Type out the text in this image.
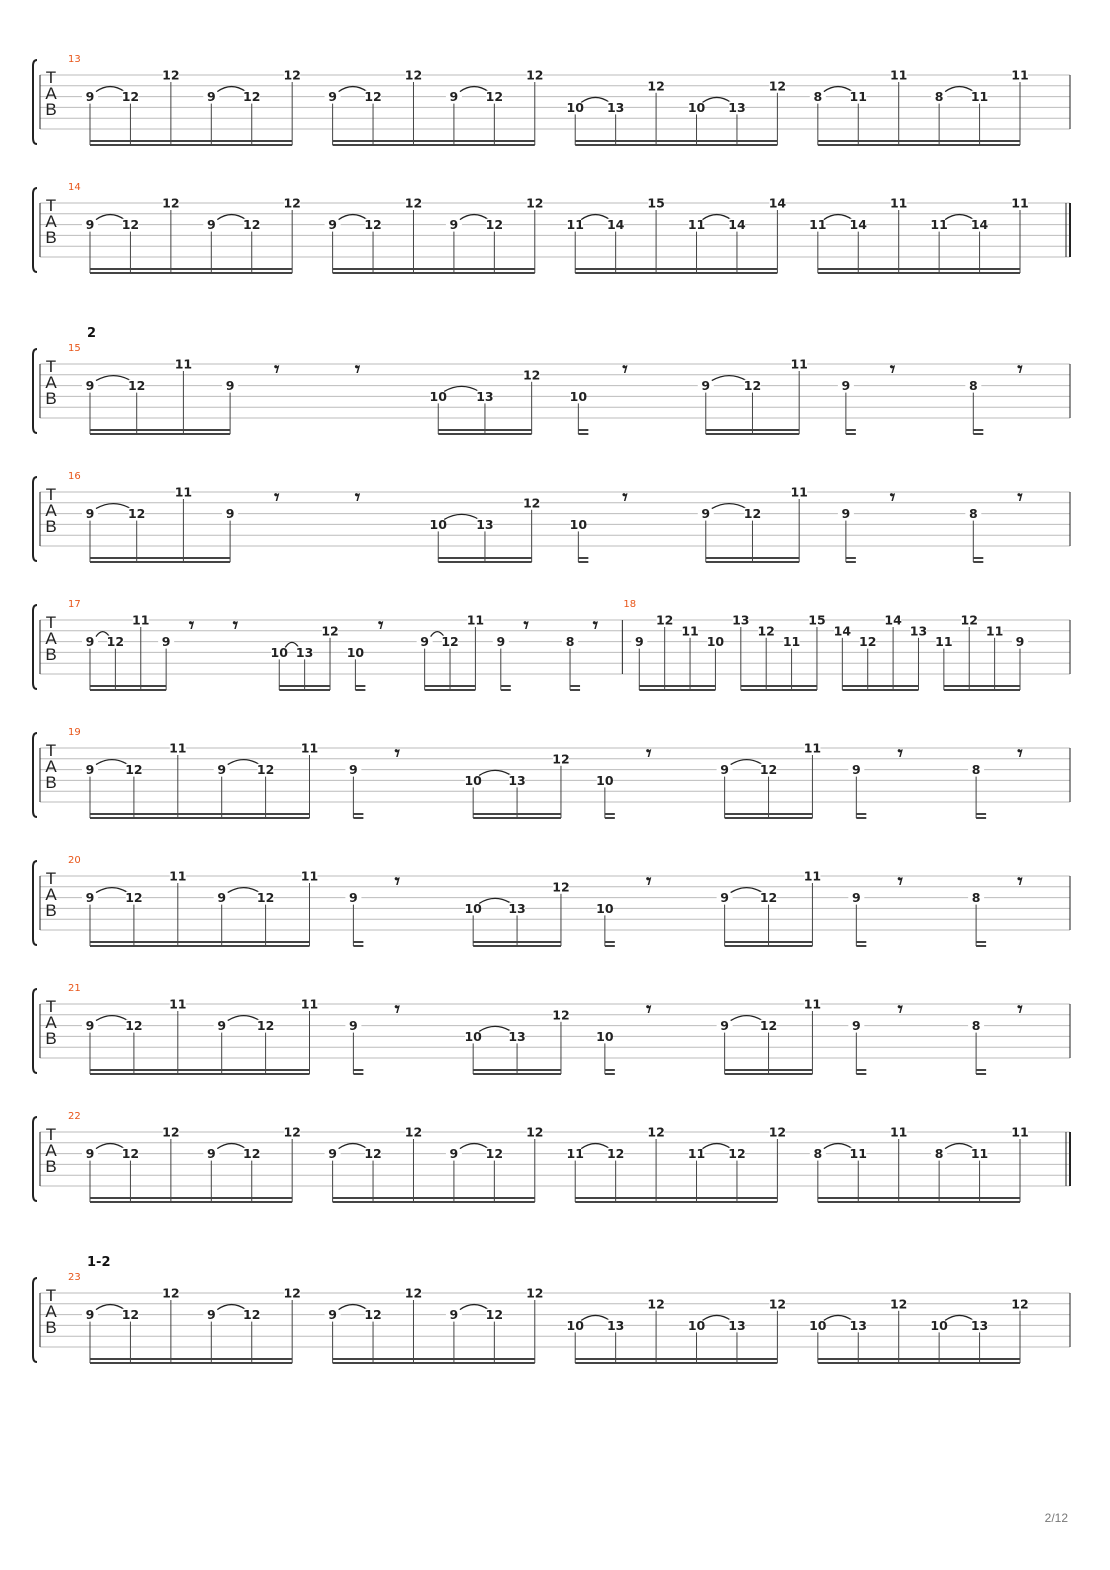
T
A
B
13
9 12
12
9 12
12
9 12
12
9 12
12
10 13
12
10 13
12
8 11
11
8 11
11
T
A
B
14
9 12
12
9 12
12
9 12
12
9 12
12
11 14
15
11 14
14
11 14
11
11 14
11
T
A
B
15
2
9	12
11
9
𝄾	𝄾
10 13
12
10
𝄾
9	12
11
9
𝄾
8
𝄾
T
A
B
16
9	12
11
9
𝄾	𝄾
10 13
12
10
𝄾
9	12
11
9
𝄾
8
𝄾
T
A
B
17
9 12
11
9
𝄾 𝄾
10 13
12
10
𝄾
9 12
11
9
𝄾
8
𝄾
18
9
12
11
10
13
12
11
15
14
12
14
13
11
12
11
9
T
A
B
19
9 12
11
9 12
11
9
𝄾
10 13
12
10
𝄾
9 12
11
9
𝄾
8
𝄾
T
A
B
20
9 12
11
9 12
11
9
𝄾
10 13
12
10
𝄾
9 12
11
9
𝄾
8
𝄾
T
A
B
21
9 12
11
9 12
11
9
𝄾
10 13
12
10
𝄾
9 12
11
9
𝄾
8
𝄾
T
A
B
22
9 12
12
9 12
12
9 12
12
9 12
12
11 12
12
11 12
12
8 11
11
8 11
11
T
A
B
23
1-2
9 12
12
9 12
12
9 12
12
9 12
12
10 13
12
10 13
12
10 13
12
10 13
12
2/12
